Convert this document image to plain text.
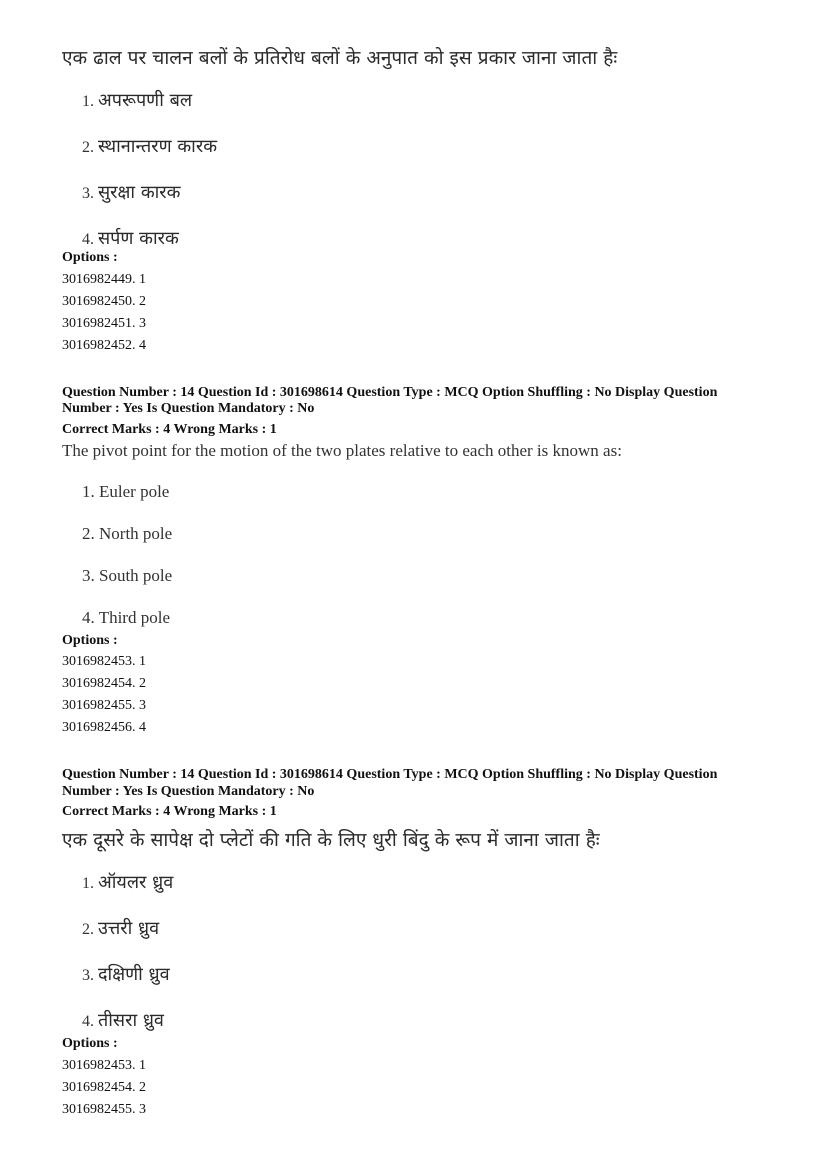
एक ढाल पर चालन बलों के प्रतिरोध बलों के अनुपात को इस प्रकार जाना जाता हैः
1. अपरूपणी बल
2. स्थानान्तरण कारक
3. सुरक्षा कारक
4. सर्पण कारक
Options :
3016982449. 1
3016982450. 2
3016982451. 3
3016982452. 4
Question Number : 14 Question Id : 301698614 Question Type : MCQ Option Shuffling : No Display Question
Number : Yes Is Question Mandatory : No
Correct Marks : 4 Wrong Marks : 1
The pivot point for the motion of the two plates relative to each other is known as:
1. Euler pole
2. North pole
3. South pole
4. Third pole
Options :
3016982453. 1
3016982454. 2
3016982455. 3
3016982456. 4
Question Number : 14 Question Id : 301698614 Question Type : MCQ Option Shuffling : No Display Question
Number : Yes Is Question Mandatory : No
Correct Marks : 4 Wrong Marks : 1
एक दूसरे के सापेक्ष दो प्लेटों की गति के लिए धुरी बिंदु के रूप में जाना जाता हैः
1. ऑयलर ध्रुव
2. उत्तरी ध्रुव
3. दक्षिणी ध्रुव
4. तीसरा ध्रुव
Options :
3016982453. 1
3016982454. 2
3016982455. 3
